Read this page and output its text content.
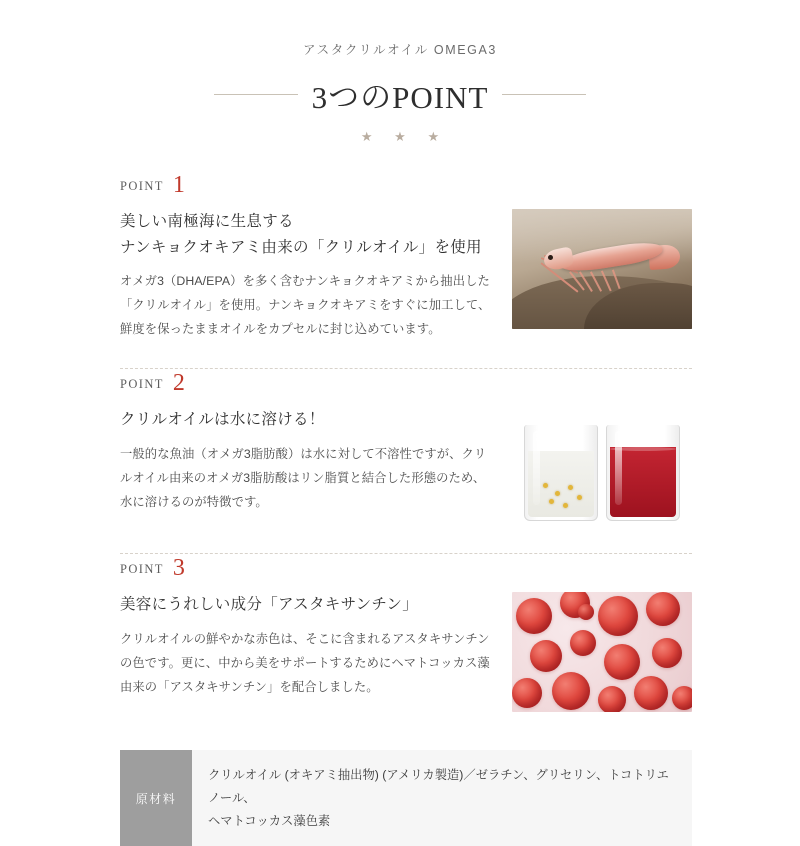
アスタクリルオイル OMEGA3
3つのPOINT
★ ★ ★
POINT 1
美しい南極海に生息する
ナンキョクオキアミ由来の「クリルオイル」を使用
オメガ3（DHA/EPA）を多く含むナンキョクオキアミから抽出した「クリルオイル」を使用。ナンキョクオキアミをすぐに加工して、鮮度を保ったままオイルをカプセルに封じ込めています。
POINT 2
クリルオイルは水に溶ける！
一般的な魚油（オメガ3脂肪酸）は水に対して不溶性ですが、クリルオイル由来のオメガ3脂肪酸はリン脂質と結合した形態のため、水に溶けるのが特徴です。
POINT 3
美容にうれしい成分「アスタキサンチン」
クリルオイルの鮮やかな赤色は、そこに含まれるアスタキサンチンの色です。更に、中から美をサポートするためにヘマトコッカス藻由来の「アスタキサンチン」を配合しました。
原材料
クリルオイル (オキアミ抽出物) (アメリカ製造)／ゼラチン、グリセリン、トコトリエノール、
ヘマトコッカス藻色素
